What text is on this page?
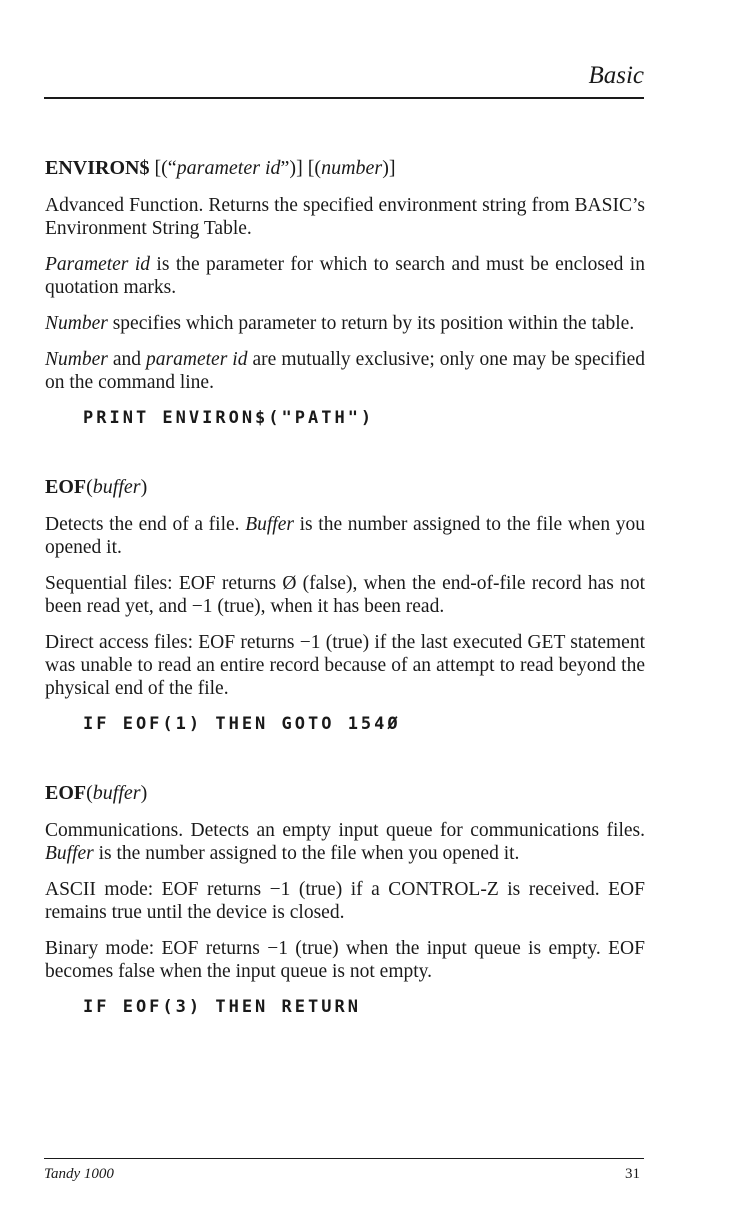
Basic
ENVIRON$ [(“parameter id”)] [(number)]

Advanced Function. Returns the specified environment string from BASIC’s Environment String Table.

Parameter id is the parameter for which to search and must be enclosed in quotation marks.

Number specifies which parameter to return by its position within the table.

Number and parameter id are mutually exclusive; only one may be specified on the command line.

PRINT ENVIRON$("PATH")
EOF(buffer)

Detects the end of a file. Buffer is the number assigned to the file when you opened it.

Sequential files: EOF returns Ø (false), when the end-of-file record has not been read yet, and −1 (true), when it has been read.

Direct access files: EOF returns −1 (true) if the last executed GET statement was unable to read an entire record because of an attempt to read beyond the physical end of the file.

IF EOF(1) THEN GOTO 154Ø
EOF(buffer)

Communications. Detects an empty input queue for communications files. Buffer is the number assigned to the file when you opened it.

ASCII mode: EOF returns −1 (true) if a CONTROL-Z is received. EOF remains true until the device is closed.

Binary mode: EOF returns −1 (true) when the input queue is empty. EOF becomes false when the input queue is not empty.

IF EOF(3) THEN RETURN
Tandy 1000	31
